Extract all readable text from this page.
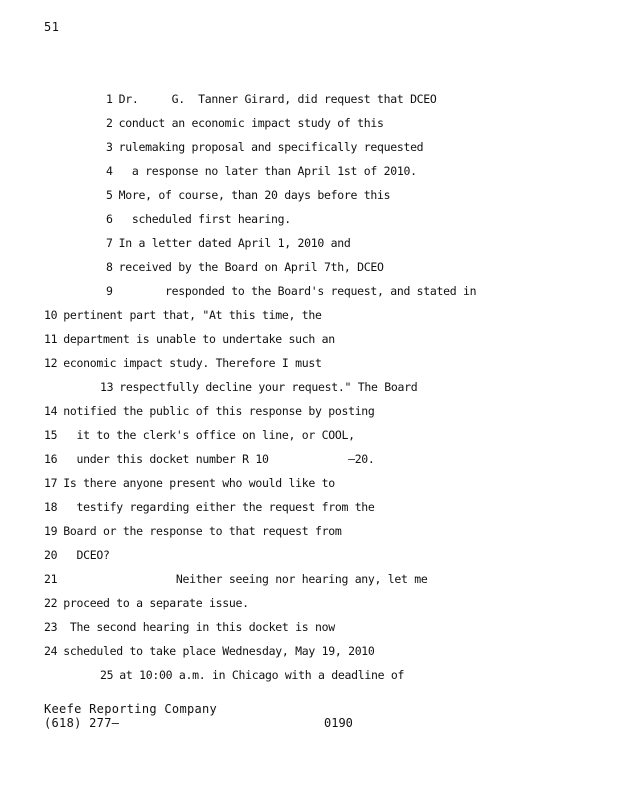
51
1 Dr.     G.  Tanner Girard, did request that DCEO
2 conduct an economic impact study of this
3 rulemaking proposal and specifically requested
4  a response no later than April 1st of 2010.
5 More, of course, than 20 days before this
6  scheduled first hearing.
7 In a letter dated April 1, 2010 and
8 received by the Board on April 7th, DCEO
9       responded to the Board's request, and stated in
10 pertinent part that, "At this time, the
11 department is unable to undertake such an
12 economic impact study. Therefore I must
13 respectfully decline your request." The Board
14 notified the public of this response by posting
15  it to the clerk's office on line, or COOL,
16  under this docket number R 10            –20.
17 Is there anyone present who would like to
18  testify regarding either the request from the
19 Board or the response to that request from
20  DCEO?
21                 Neither seeing nor hearing any, let me
22 proceed to a separate issue.
23 The second hearing in this docket is now
24 scheduled to take place Wednesday, May 19, 2010
25 at 10:00 a.m. in Chicago with a deadline of
Keefe Reporting Company
(618) 277–	0190
